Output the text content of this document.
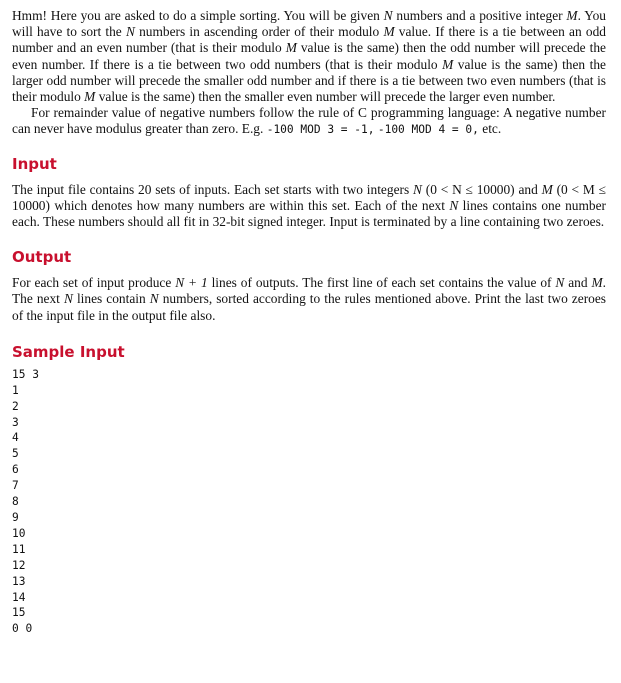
Hmm! Here you are asked to do a simple sorting. You will be given N numbers and a positive integer M. You will have to sort the N numbers in ascending order of their modulo M value. If there is a tie between an odd number and an even number (that is their modulo M value is the same) then the odd number will precede the even number. If there is a tie between two odd numbers (that is their modulo M value is the same) then the larger odd number will precede the smaller odd number and if there is a tie between two even numbers (that is their modulo M value is the same) then the smaller even number will precede the larger even number.

For remainder value of negative numbers follow the rule of C programming language: A negative number can never have modulus greater than zero. E.g. -100 MOD 3 = -1, -100 MOD 4 = 0, etc.

Input

The input file contains 20 sets of inputs. Each set starts with two integers N (0 < N ≤ 10000) and M (0 < M ≤ 10000) which denotes how many numbers are within this set. Each of the next N lines contains one number each. These numbers should all fit in 32-bit signed integer. Input is terminated by a line containing two zeroes.

Output

For each set of input produce N + 1 lines of outputs. The first line of each set contains the value of N and M. The next N lines contain N numbers, sorted according to the rules mentioned above. Print the last two zeroes of the input file in the output file also.

Sample Input
15 3
1
2
3
4
5
6
7
8
9
10
11
12
13
14
15
0 0
